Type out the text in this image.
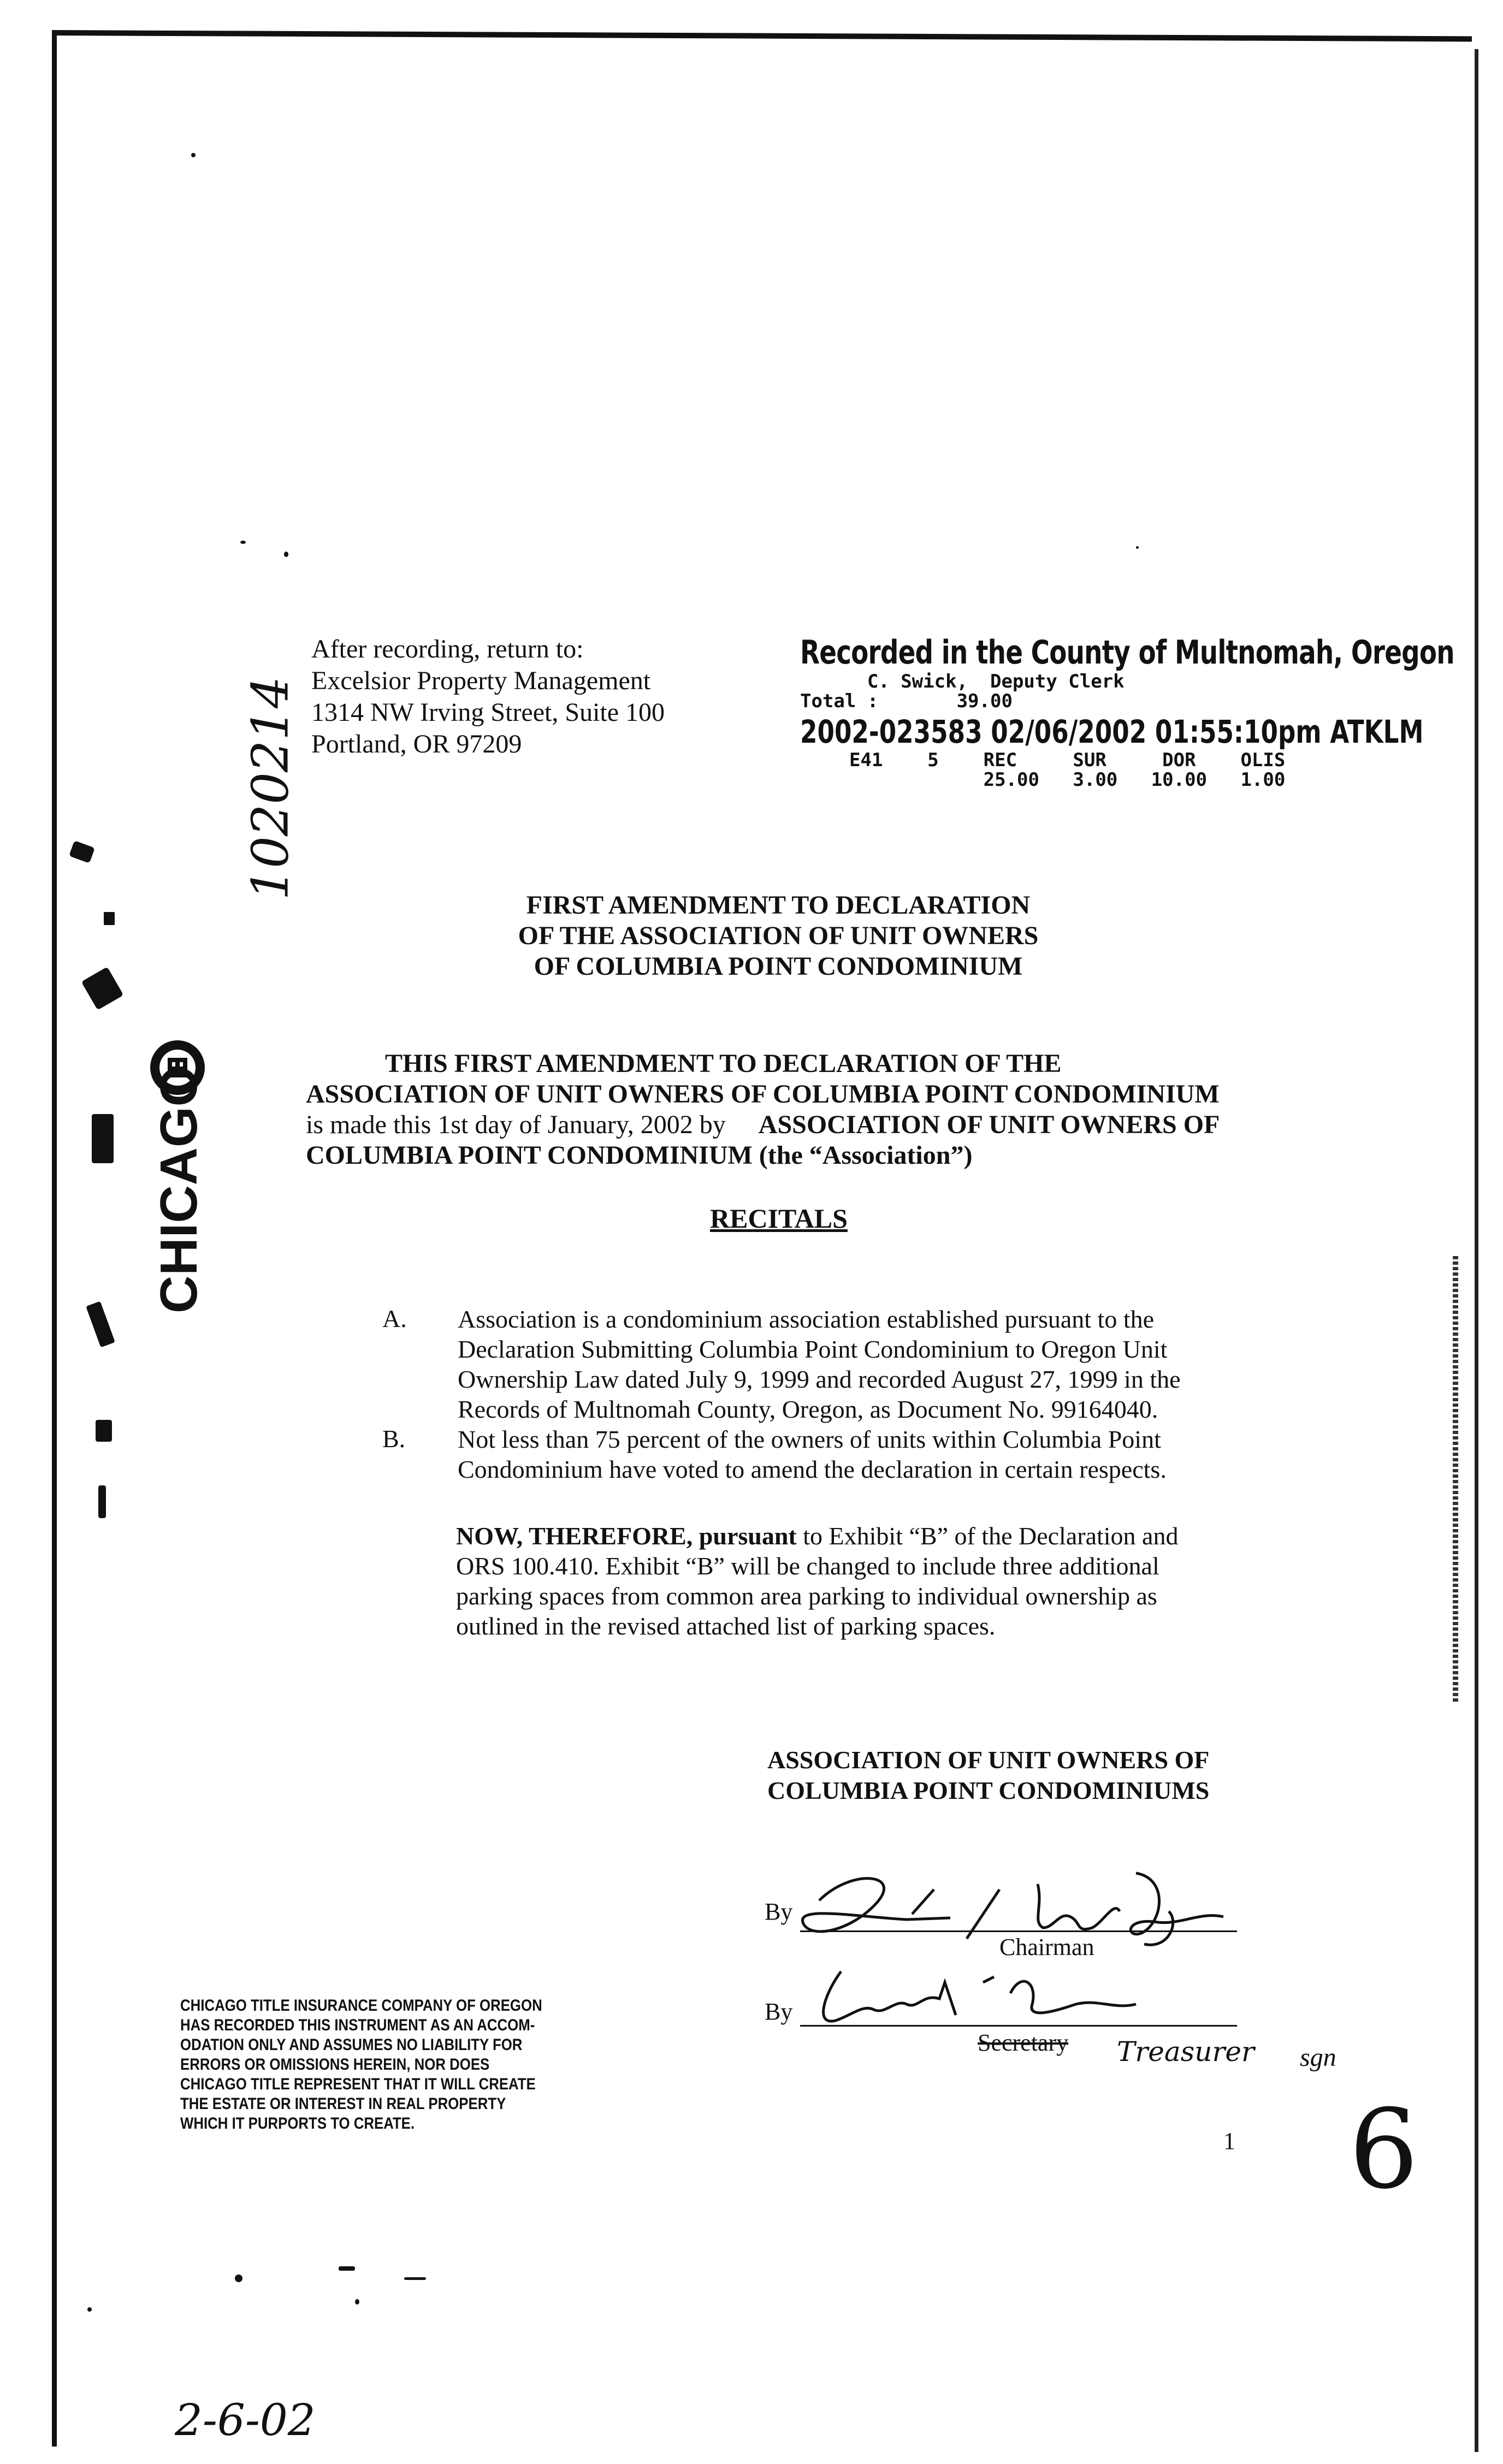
1020214
CHICAGO
After recording, return to:
Excelsior Property Management
1314 NW Irving Street, Suite 100
Portland, OR 97209
Recorded in the County of Multnomah, Oregon
C. Swick,  Deputy Clerk
Total :       39.00
2002-023583 02/06/2002 01:55:10pm ATKLM
E41    5    REC     SUR     DOR    OLIS
25.00   3.00   10.00   1.00
FIRST AMENDMENT TO DECLARATION
OF THE ASSOCIATION OF UNIT OWNERS
OF COLUMBIA POINT CONDOMINIUM
THIS FIRST AMENDMENT TO DECLARATION OF THE
ASSOCIATION OF UNIT OWNERS OF COLUMBIA POINT CONDOMINIUM
is made this 1st day of January, 2002 by ASSOCIATION OF UNIT OWNERS OF
COLUMBIA POINT CONDOMINIUM (the “Association”)
RECITALS
A. Association is a condominium association established pursuant to the
Declaration Submitting Columbia Point Condominium to Oregon Unit
Ownership Law dated July 9, 1999 and recorded August 27, 1999 in the
Records of Multnomah County, Oregon, as Document No. 99164040.
B. Not less than 75 percent of the owners of units within Columbia Point
Condominium have voted to amend the declaration in certain respects.
NOW, THEREFORE, pursuant to Exhibit “B” of the Declaration and
ORS 100.410. Exhibit “B” will be changed to include three additional
parking spaces from common area parking to individual ownership as
outlined in the revised attached list of parking spaces.
ASSOCIATION OF UNIT OWNERS OF
COLUMBIA POINT CONDOMINIUMS
By
Chairman
By
Secretary Treasurer sgn
CHICAGO TITLE INSURANCE COMPANY OF OREGON
HAS RECORDED THIS INSTRUMENT AS AN ACCOM-
ODATION ONLY AND ASSUMES NO LIABILITY FOR
ERRORS OR OMISSIONS HEREIN, NOR DOES
CHICAGO TITLE REPRESENT THAT IT WILL CREATE
THE ESTATE OR INTEREST IN REAL PROPERTY
WHICH IT PURPORTS TO CREATE.
1 6
2-6-02
